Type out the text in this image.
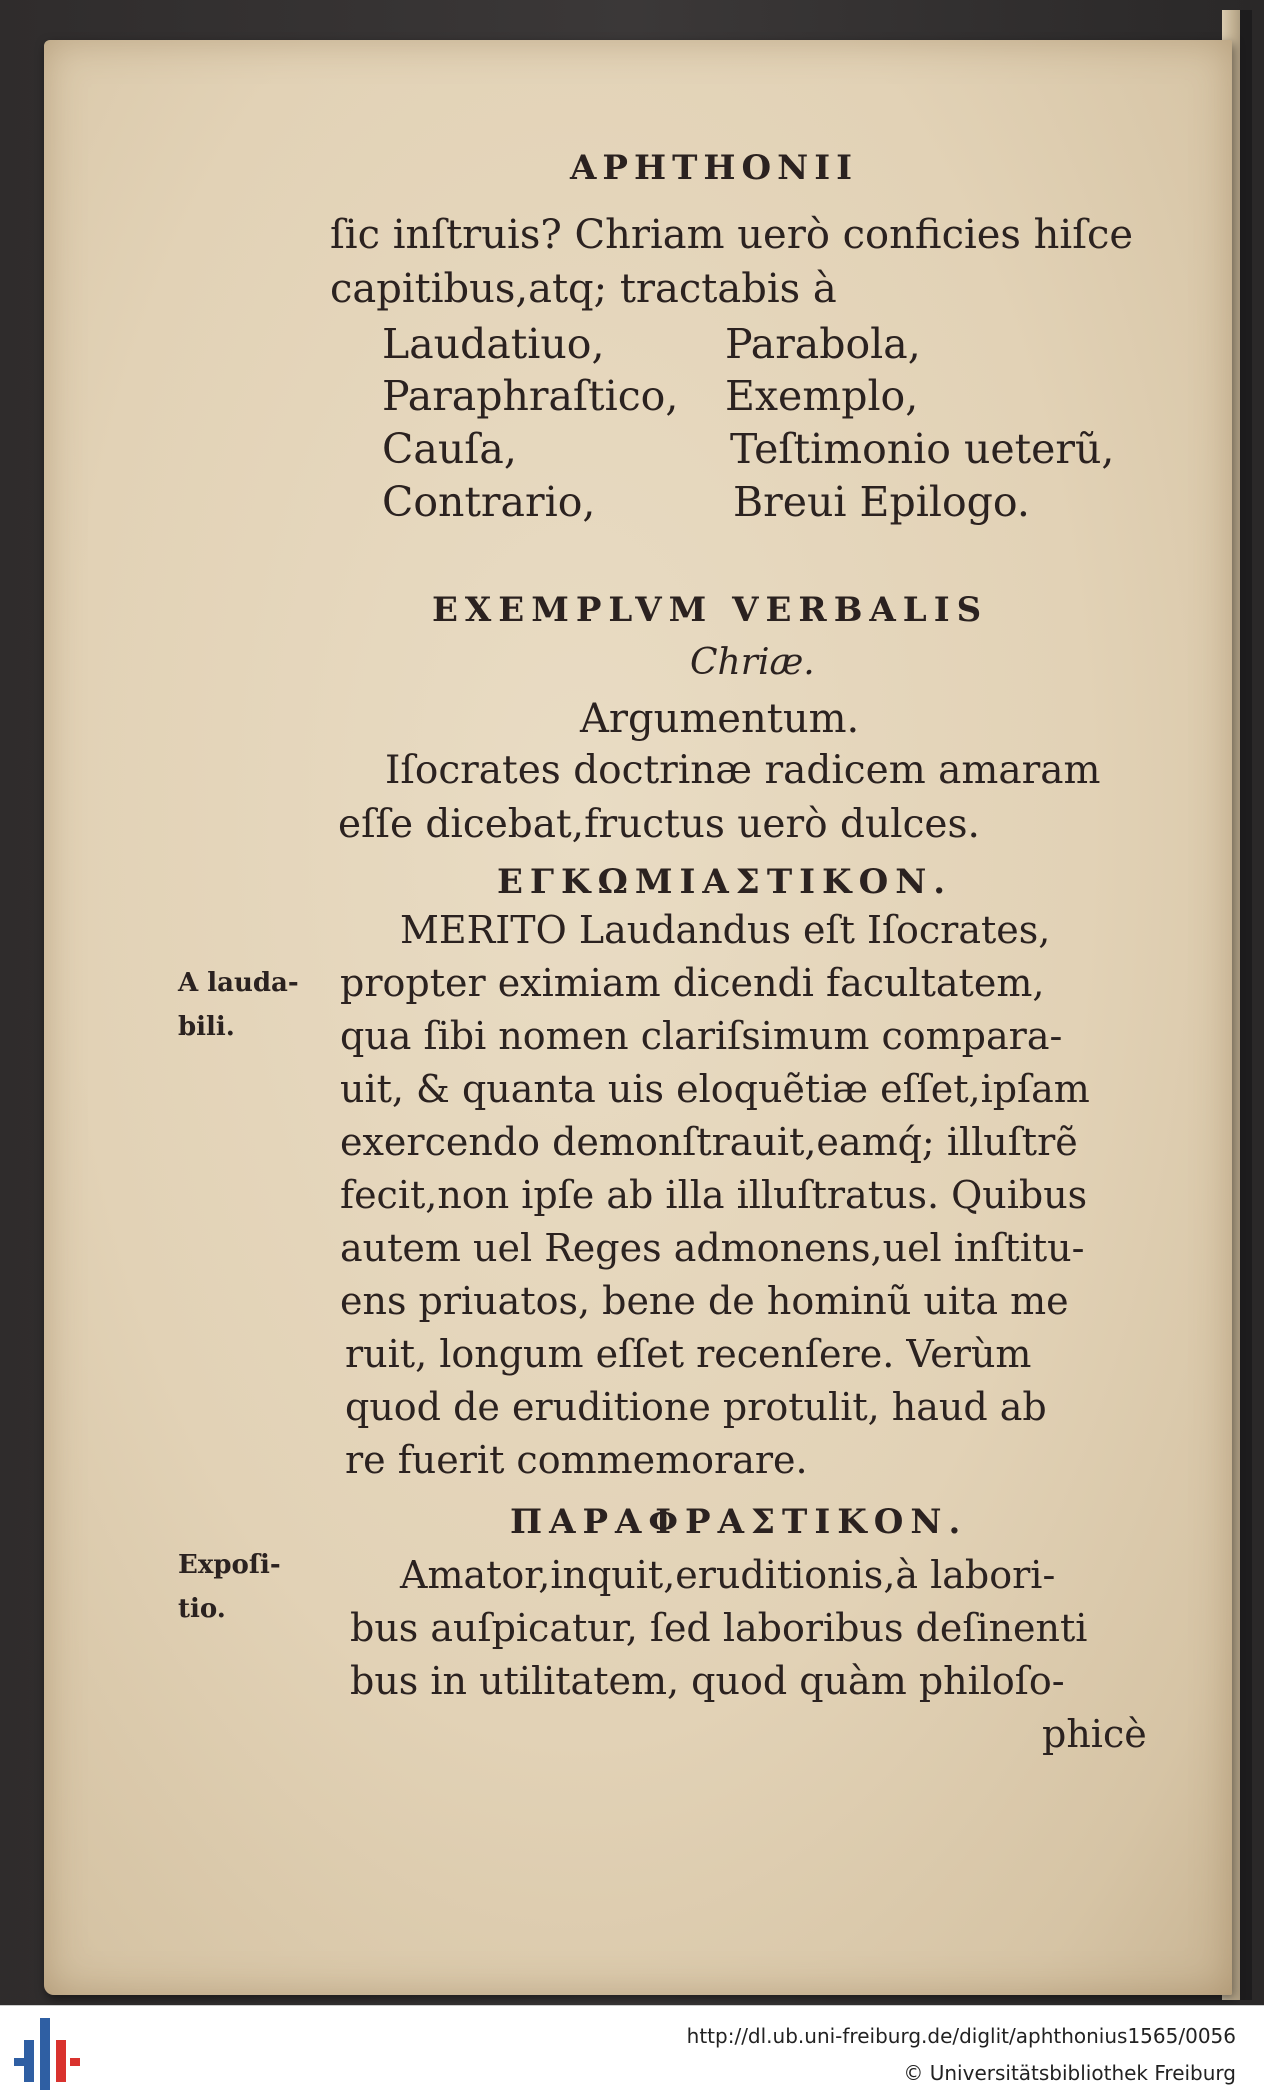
APHTHONII
ſic inſtruis? Chriam uerò conficies hiſce
capitibus,atq; tractabis à
Laudatiuo,
Paraphraſtico,
Cauſa,
Contrario,
Parabola,
Exemplo,
Teſtimonio ueterũ,
Breui Epilogo.
EXEMPLVM VERBALIS
Chriæ.
Argumentum.
Iſocrates doctrinæ radicem amaram
eſſe dicebat,fructus uerò dulces.
ΕΓΚΩΜΙΑΣΤΙΚΟΝ.
MERITO Laudandus eſt Iſocrates,
propter eximiam dicendi facultatem,
qua ſibi nomen clariſsimum compara-
uit, & quanta uis eloquẽtiæ eſſet,ipſam
exercendo demonſtrauit,eamq́; illuſtrẽ
fecit,non ipſe ab illa illuſtratus. Quibus
autem uel Reges admonens,uel inſtitu-
ens priuatos, bene de hominũ uita me
ruit, longum eſſet recenſere. Verùm
quod de eruditione protulit, haud ab
re fuerit commemorare.
ΠΑΡΑΦΡΑΣΤΙΚΟΝ.
Amator,inquit,eruditionis,à labori-
bus auſpicatur, ſed laboribus deſinenti
bus in utilitatem, quod quàm philoſo-
phicè
A lauda-
bili.
Expoſi-
tio.
http://dl.ub.uni-freiburg.de/diglit/aphthonius1565/0056
© Universitätsbibliothek Freiburg
